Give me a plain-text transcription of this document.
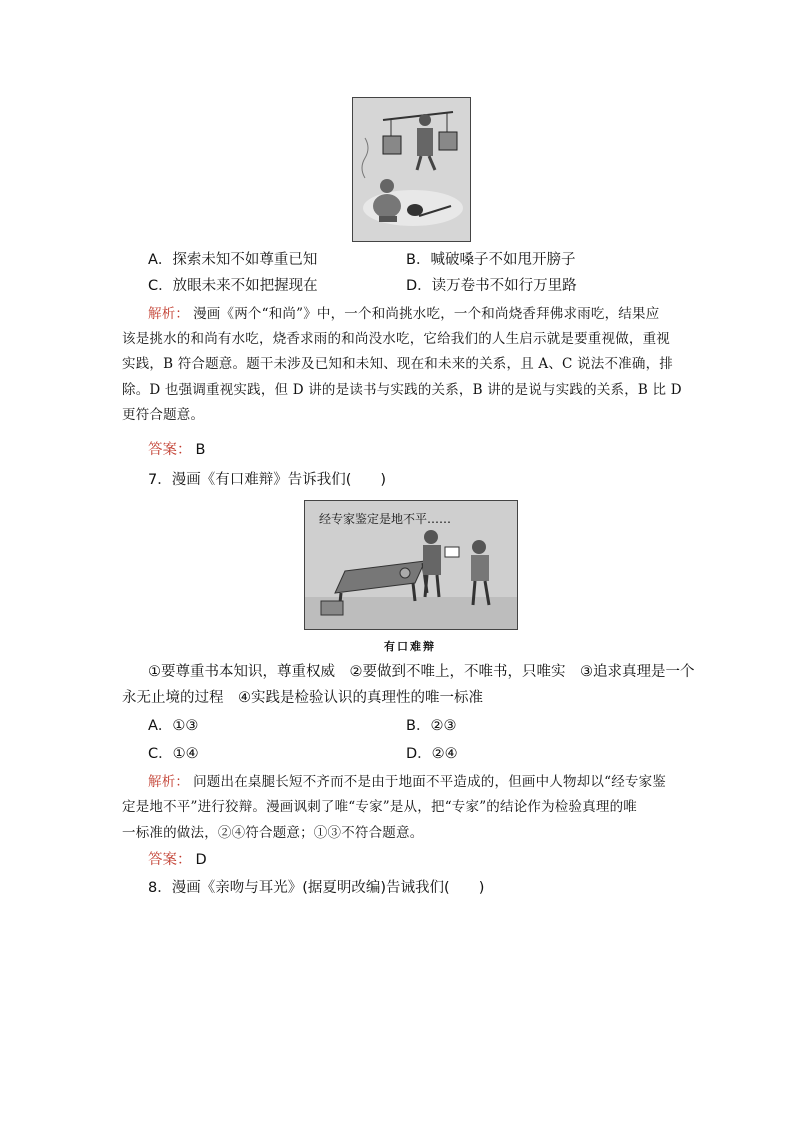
A．探索未知不如尊重已知	B．喊破嗓子不如甩开膀子
C．放眼未来不如把握现在	D．读万卷书不如行万里路
解析： 漫画《两个“和尚”》中，一个和尚挑水吃，一个和尚烧香拜佛求雨吃，结果应
该是挑水的和尚有水吃，烧香求雨的和尚没水吃，它给我们的人生启示就是要重视做，重视
实践，B 符合题意。题干未涉及已知和未知、现在和未来的关系，且 A、C 说法不准确，排
除。D 也强调重视实践，但 D 讲的是读书与实践的关系，B 讲的是说与实践的关系，B 比 D
更符合题意。
答案： B
7．漫画《有口难辩》告诉我们(　　)
经专家鉴定是地不平……
有口难辩
①要尊重书本知识，尊重权威　②要做到不唯上，不唯书，只唯实　③追求真理是一个
永无止境的过程　④实践是检验认识的真理性的唯一标准
A．①③	B．②③
C．①④	D．②④
解析： 问题出在桌腿长短不齐而不是由于地面不平造成的，但画中人物却以“经专家鉴
定是地不平”进行狡辩。漫画讽刺了唯“专家”是从，把“专家”的结论作为检验真理的唯
一标准的做法，②④符合题意；①③不符合题意。
答案： D
8．漫画《亲吻与耳光》(据夏明改编)告诫我们(　　)
